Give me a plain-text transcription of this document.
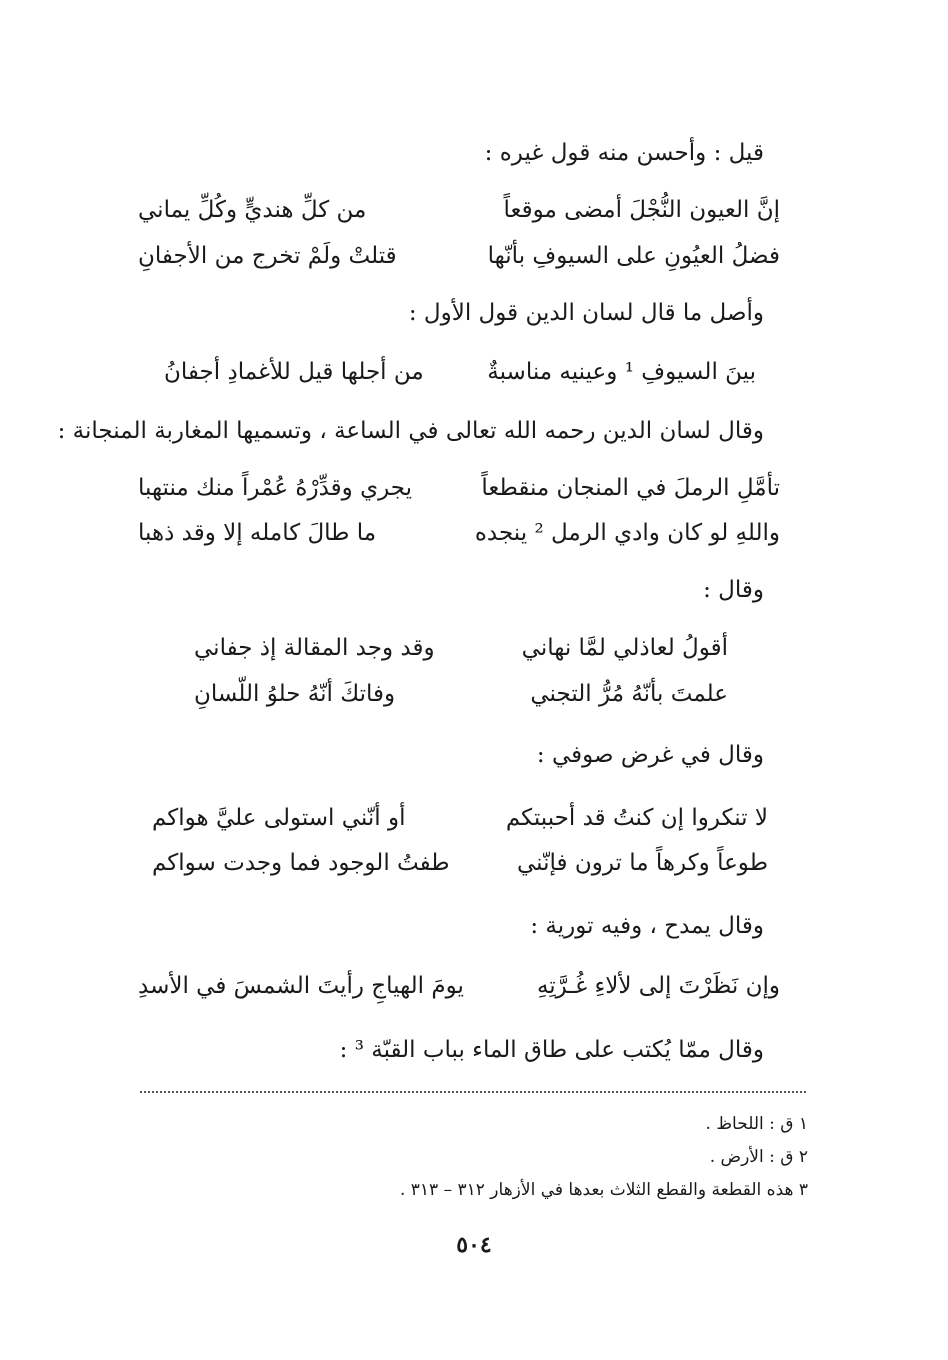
قيل : وأحسن منه قول غيره :
إنَّ العيون النُّجْلَ أمضى موقعاً
من كلِّ هنديٍّ وكُلِّ يماني
فضلُ العيُونِ على السيوفِ بأنّها
قتلتْ ولَمْ تخرج من الأجفانِ
وأصل ما قال لسان الدين قول الأول :
بينَ السيوفِ ¹ وعينيه مناسبةٌ
من أجلها قيل للأغمادِ أجفانُ
وقال لسان الدين رحمه الله تعالى في الساعة ، وتسميها المغاربة المنجانة :
تأمَّلِ الرملَ في المنجان منقطعاً
يجري وقدِّرْهُ عُمْراً منك منتهبا
واللهِ لو كان وادي الرمل ² ينجده
ما طالَ كامله إلا وقد ذهبا
وقال :
أقولُ لعاذلي لمَّا نهاني
وقد وجد المقالة إذ جفاني
علمتَ بأنّهُ مُرُّ التجني
وفاتكَ أنّهُ حلوُ اللّسانِ
وقال في غرض صوفي :
لا تنكروا إن كنتُ قد أحببتكم
أو أنّني استولى عليَّ هواكم
طوعاً وكرهاً ما ترون فإنّني
طفتُ الوجود فما وجدت سواكم
وقال يمدح ، وفيه تورية :
وإن نَظَرْتَ إلى لألاءِ غُـرَّتِهِ
يومَ الهياجِ رأيتَ الشمسَ في الأسدِ
وقال ممّا يُكتب على طاق الماء بباب القبّة ³ :
١ ق : اللحاظ .
٢ ق : الأرض .
٣ هذه القطعة والقطع الثلاث بعدها في الأزهار ٣١٢ – ٣١٣ .
٥٠٤
